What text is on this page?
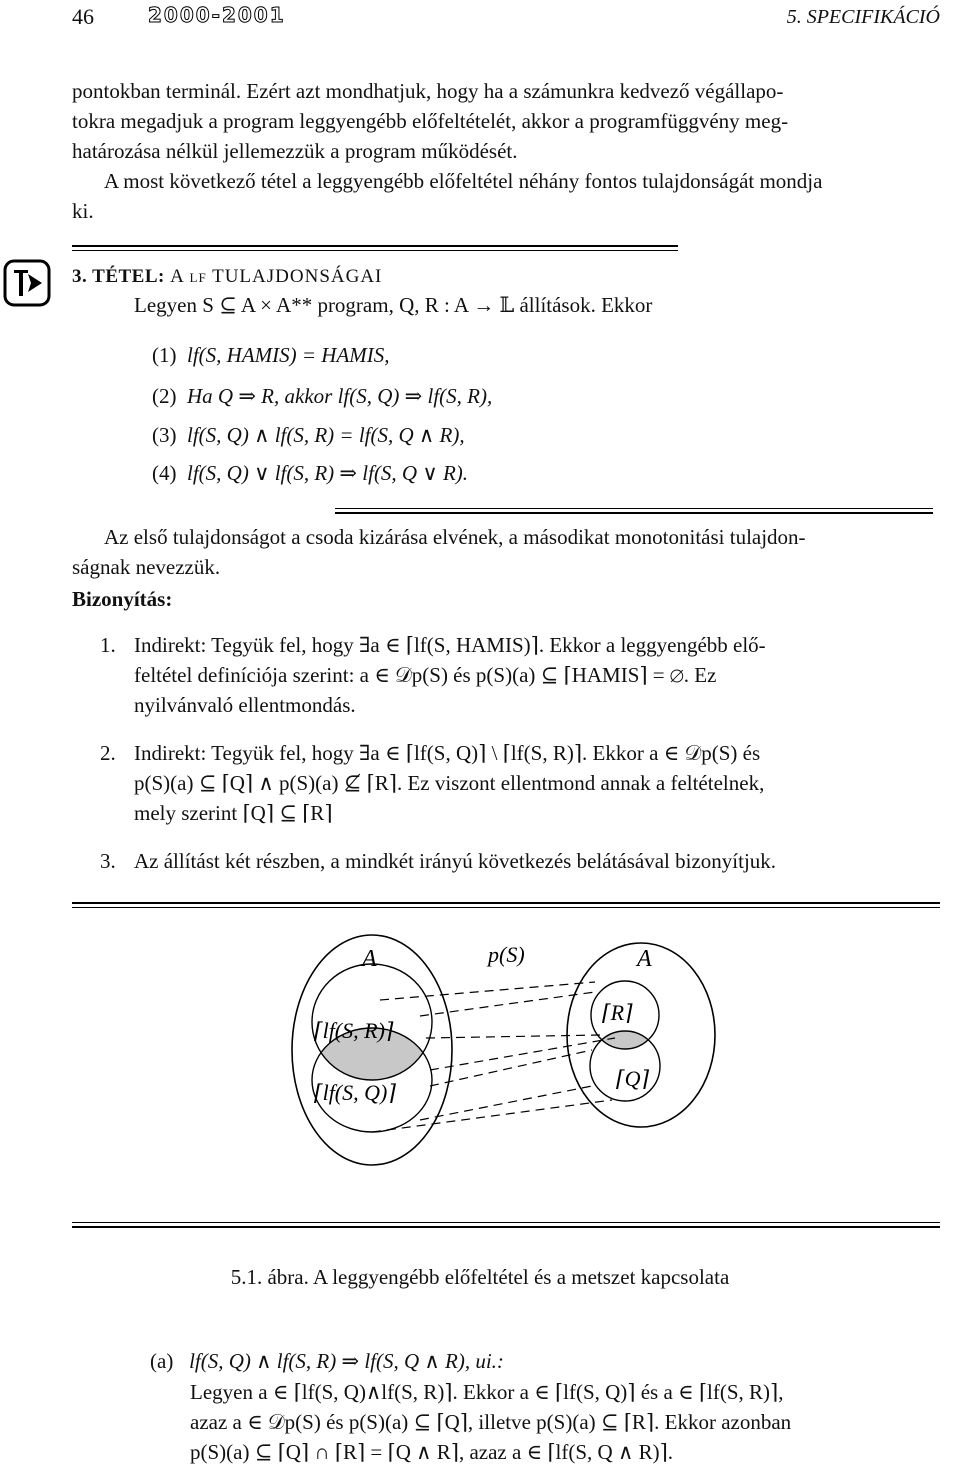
46	2000-2001	5. SPECIFIKÁCIÓ
pontokban terminál. Ezért azt mondhatjuk, hogy ha a számunkra kedvező végállapo-
tokra megadjuk a program leggyengébb előfeltételét, akkor a programfüggvény meg-
határozása nélkül jellemezzük a program működését.
A most következő tétel a leggyengébb előfeltétel néhány fontos tulajdonságát mondja
ki.
3. TÉTEL: A lf TULAJDONSÁGAI
Legyen S ⊆ A × A** program, Q, R : A → 𝕃 állítások. Ekkor
(1) lf(S, HAMIS) = HAMIS,
(2) Ha Q ⇒ R, akkor lf(S, Q) ⇒ lf(S, R),
(3) lf(S, Q) ∧ lf(S, R) = lf(S, Q ∧ R),
(4) lf(S, Q) ∨ lf(S, R) ⇒ lf(S, Q ∨ R).
Az első tulajdonságot a csoda kizárása elvének, a másodikat monotonitási tulajdon-
ságnak nevezzük.
Bizonyítás:
1. Indirekt: Tegyük fel, hogy ∃a ∈ ⌈lf(S, HAMIS)⌉. Ekkor a leggyengébb elő-
feltétel definíciója szerint: a ∈ 𝒟p(S) és p(S)(a) ⊆ ⌈HAMIS⌉ = ∅. Ez
nyilvánvaló ellentmondás.
2. Indirekt: Tegyük fel, hogy ∃a ∈ ⌈lf(S, Q)⌉ \ ⌈lf(S, R)⌉. Ekkor a ∈ 𝒟p(S) és
p(S)(a) ⊆ ⌈Q⌉ ∧ p(S)(a) ⊈ ⌈R⌉. Ez viszont ellentmond annak a feltételnek,
mely szerint ⌈Q⌉ ⊆ ⌈R⌉
3. Az állítást két részben, a mindkét irányú következés belátásával bizonyítjuk.
A	p(S)	A
⌈lf(S, R)⌉
⌈lf(S, Q)⌉
⌈R⌉
⌈Q⌉
5.1. ábra. A leggyengébb előfeltétel és a metszet kapcsolata
(a) lf(S, Q) ∧ lf(S, R) ⇒ lf(S, Q ∧ R), ui.:
Legyen a ∈ ⌈lf(S, Q)∧lf(S, R)⌉. Ekkor a ∈ ⌈lf(S, Q)⌉ és a ∈ ⌈lf(S, R)⌉,
azaz a ∈ 𝒟p(S) és p(S)(a) ⊆ ⌈Q⌉, illetve p(S)(a) ⊆ ⌈R⌉. Ekkor azonban
p(S)(a) ⊆ ⌈Q⌉ ∩ ⌈R⌉ = ⌈Q ∧ R⌉, azaz a ∈ ⌈lf(S, Q ∧ R)⌉.
